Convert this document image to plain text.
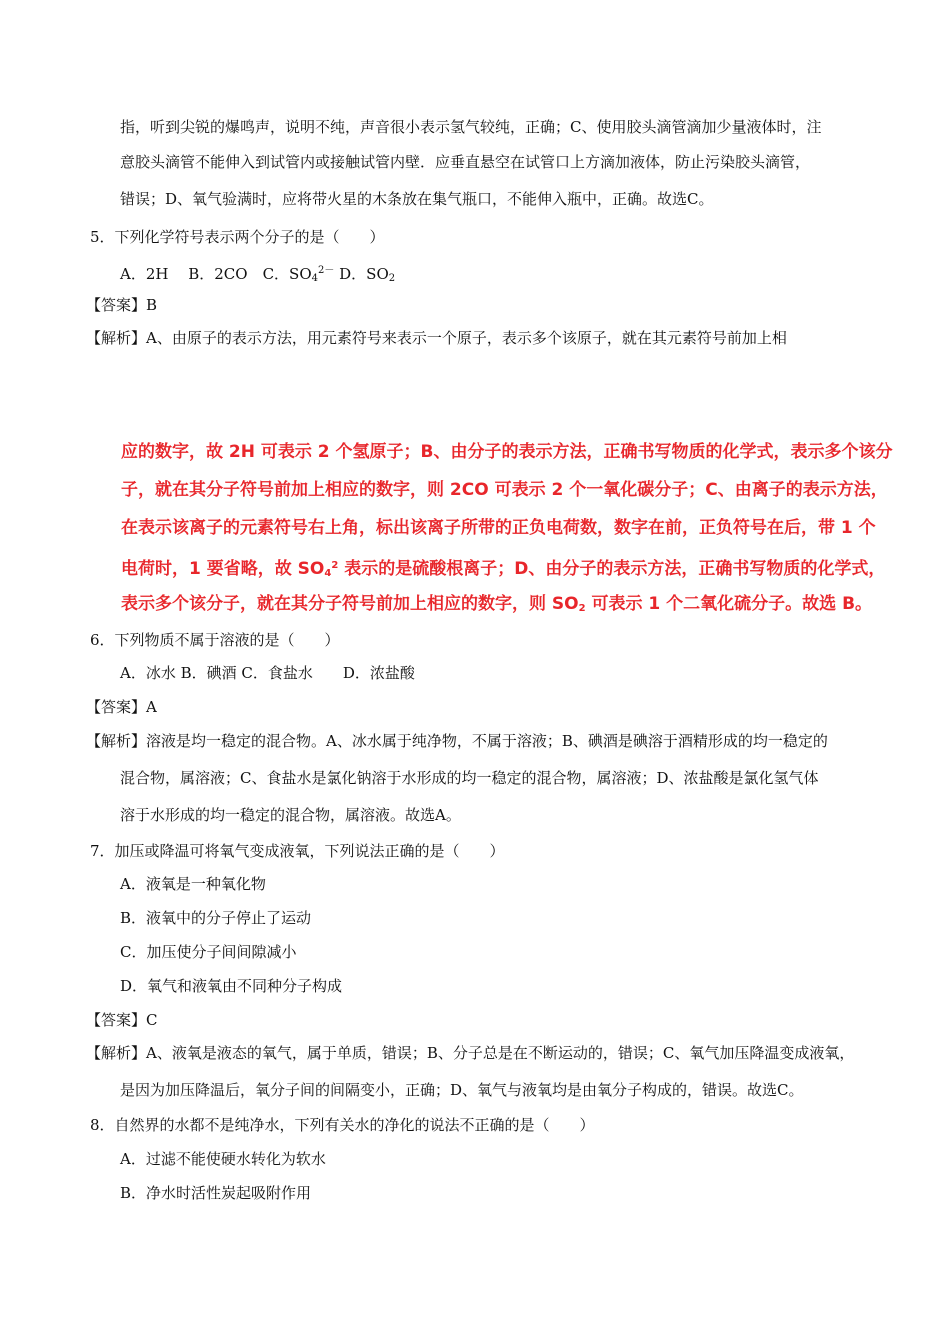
指，听到尖锐的爆鸣声，说明不纯，声音很小表示氢气较纯，正确；C、使用胶头滴管滴加少量液体时，注
意胶头滴管不能伸入到试管内或接触试管内壁．应垂直悬空在试管口上方滴加液体，防止污染胶头滴管，
错误；D、氧气验满时，应将带火星的木条放在集气瓶口，不能伸入瓶中，正确。故选C。
5．下列化学符号表示两个分子的是（　　）
A．2H　 B．2CO　C．$SO_4^{2-}$ D．$SO_2$
【答案】B
【解析】A、由原子的表示方法，用元素符号来表示一个原子，表示多个该原子，就在其元素符号前加上相
应的数字，故 2H 可表示 2 个氢原子；B、由分子的表示方法，正确书写物质的化学式，表示多个该分
子，就在其分子符号前加上相应的数字，则 2CO 可表示 2 个一氧化碳分子；C、由离子的表示方法，
在表示该离子的元素符号右上角，标出该离子所带的正负电荷数，数字在前，正负符号在后，带 1 个
电荷时，1 要省略，故 $SO_4^2$ 表示的是硫酸根离子；D、由分子的表示方法，正确书写物质的化学式，
表示多个该分子，就在其分子符号前加上相应的数字，则 $SO_2$ 可表示 1 个二氧化硫分子。故选 B。
6．下列物质不属于溶液的是（　　）
A．冰水 B．碘酒 C．食盐水　　D．浓盐酸
【答案】A
【解析】溶液是均一稳定的混合物。A、冰水属于纯净物，不属于溶液；B、碘酒是碘溶于酒精形成的均一稳定的
混合物，属溶液；C、食盐水是氯化钠溶于水形成的均一稳定的混合物，属溶液；D、浓盐酸是氯化氢气体
溶于水形成的均一稳定的混合物，属溶液。故选A。
7．加压或降温可将氧气变成液氧，下列说法正确的是（　　）
A．液氧是一种氧化物
B．液氧中的分子停止了运动
C．加压使分子间间隙减小
D．氧气和液氧由不同种分子构成
【答案】C
【解析】A、液氧是液态的氧气，属于单质，错误；B、分子总是在不断运动的，错误；C、氧气加压降温变成液氧，
是因为加压降温后，氧分子间的间隔变小，正确；D、氧气与液氧均是由氧分子构成的，错误。故选C。
8．自然界的水都不是纯净水，下列有关水的净化的说法不正确的是（　　）
A．过滤不能使硬水转化为软水
B．净水时活性炭起吸附作用
